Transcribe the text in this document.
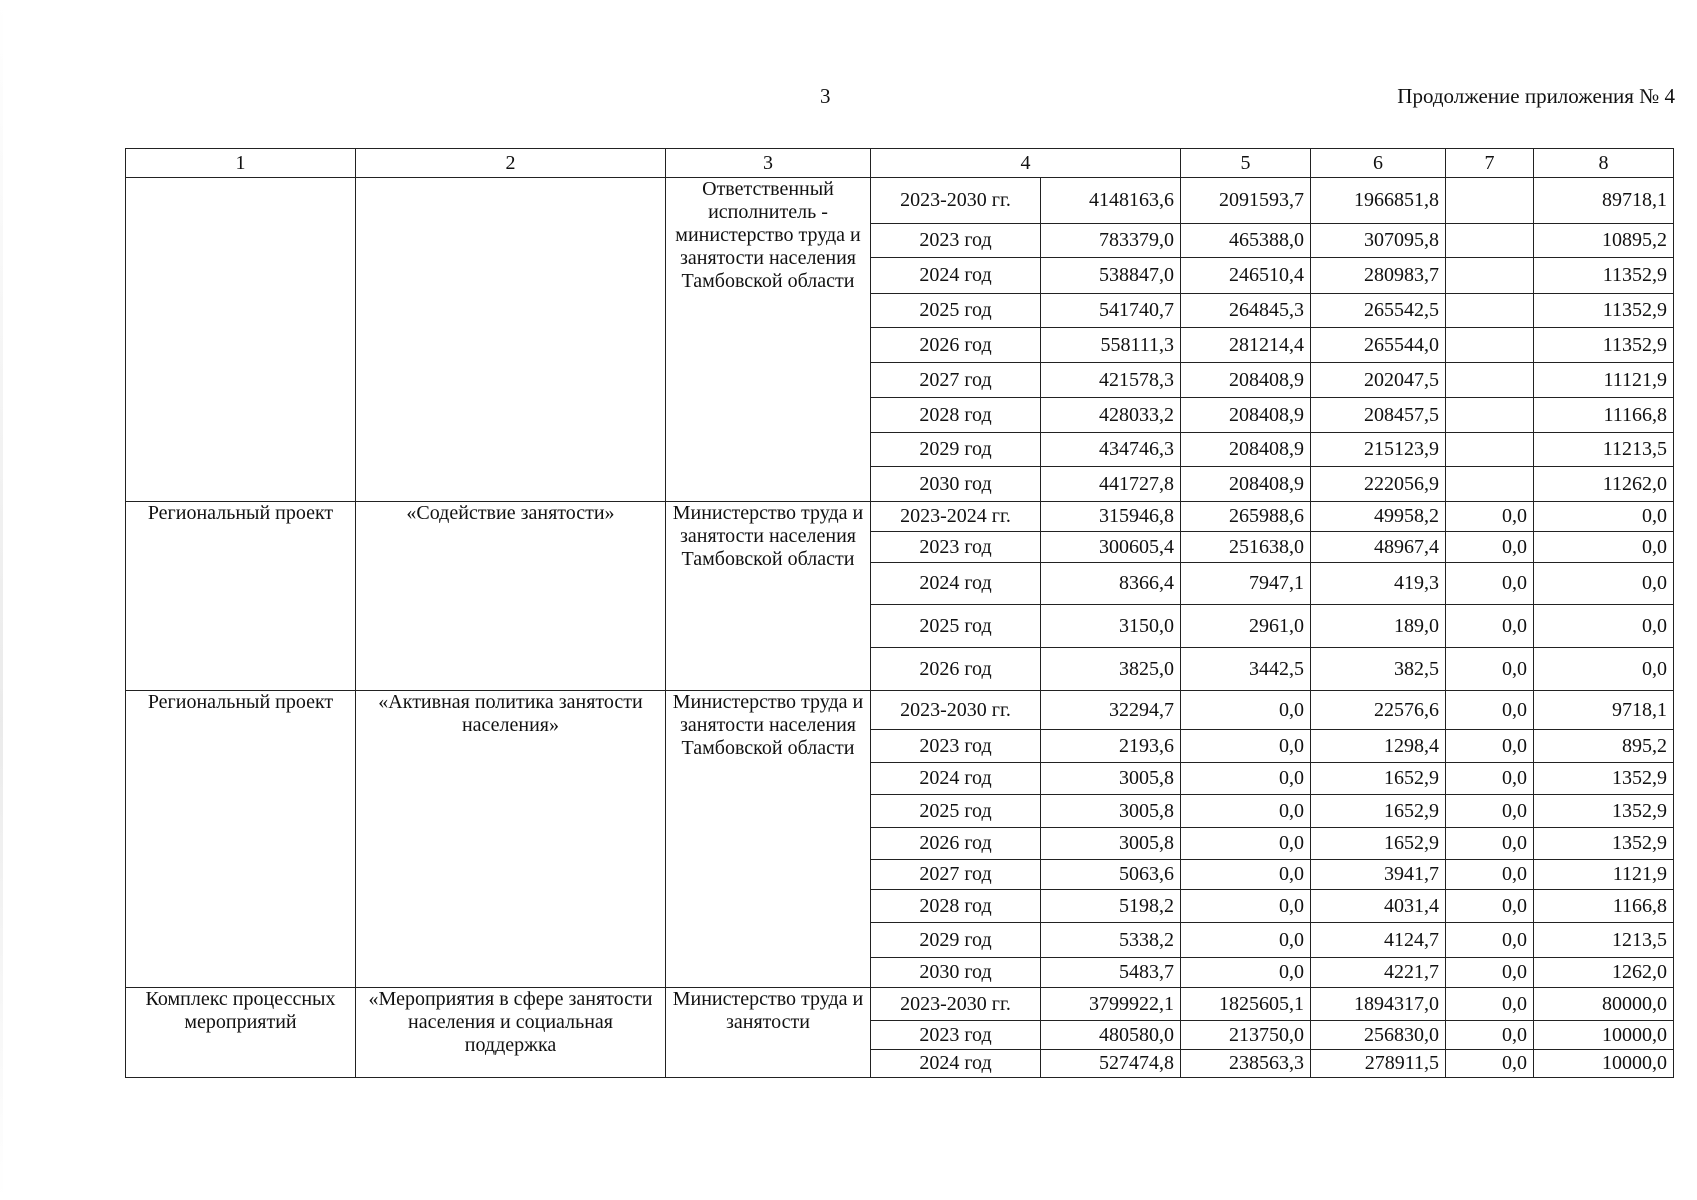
3	Продолжение приложения № 4
1	2	3	4		5	6	7	8
		Ответственный исполнитель - министерство труда и занятости населения Тамбовской области	2023-2030 гг.	4148163,6	2091593,7	1966851,8		89718,1
			2023 год	783379,0	465388,0	307095,8		10895,2
			2024 год	538847,0	246510,4	280983,7		11352,9
			2025 год	541740,7	264845,3	265542,5		11352,9
			2026 год	558111,3	281214,4	265544,0		11352,9
			2027 год	421578,3	208408,9	202047,5		11121,9
			2028 год	428033,2	208408,9	208457,5		11166,8
			2029 год	434746,3	208408,9	215123,9		11213,5
			2030 год	441727,8	208408,9	222056,9		11262,0
Региональный проект	«Содействие занятости»	Министерство труда и занятости населения Тамбовской области	2023-2024 гг.	315946,8	265988,6	49958,2	0,0	0,0
			2023 год	300605,4	251638,0	48967,4	0,0	0,0
			2024 год	8366,4	7947,1	419,3	0,0	0,0
			2025 год	3150,0	2961,0	189,0	0,0	0,0
			2026 год	3825,0	3442,5	382,5	0,0	0,0
Региональный проект	«Активная политика занятости населения»	Министерство труда и занятости населения Тамбовской области	2023-2030 гг.	32294,7	0,0	22576,6	0,0	9718,1
			2023 год	2193,6	0,0	1298,4	0,0	895,2
			2024 год	3005,8	0,0	1652,9	0,0	1352,9
			2025 год	3005,8	0,0	1652,9	0,0	1352,9
			2026 год	3005,8	0,0	1652,9	0,0	1352,9
			2027 год	5063,6	0,0	3941,7	0,0	1121,9
			2028 год	5198,2	0,0	4031,4	0,0	1166,8
			2029 год	5338,2	0,0	4124,7	0,0	1213,5
			2030 год	5483,7	0,0	4221,7	0,0	1262,0
Комплекс процессных мероприятий	«Мероприятия в сфере занятости населения и социальная поддержка	Министерство труда и занятости	2023-2030 гг.	3799922,1	1825605,1	1894317,0	0,0	80000,0
			2023 год	480580,0	213750,0	256830,0	0,0	10000,0
			2024 год	527474,8	238563,3	278911,5	0,0	10000,0
